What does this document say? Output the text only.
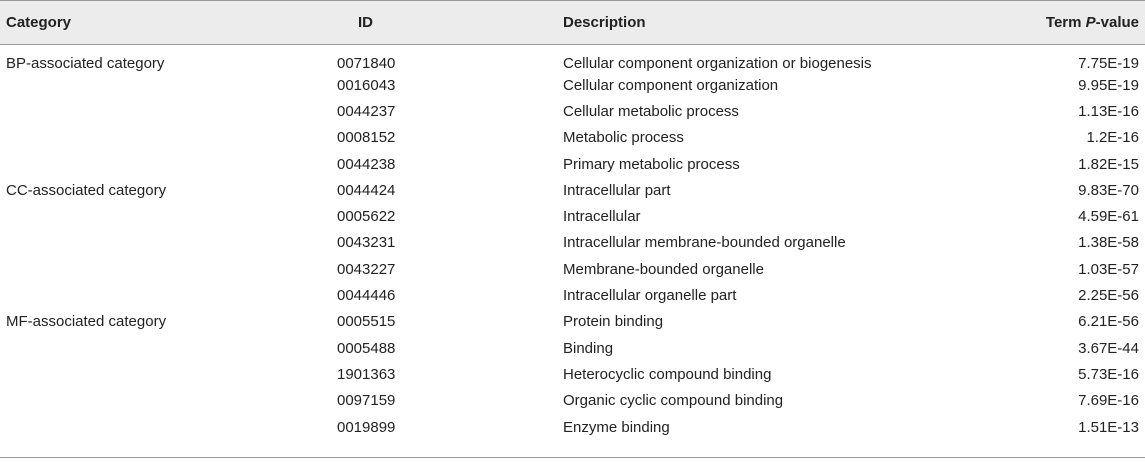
Category	ID	Description	Term P-value
BP-associated category	0071840	Cellular component organization or biogenesis	7.75E-19
	0016043	Cellular component organization	9.95E-19
	0044237	Cellular metabolic process	1.13E-16
	0008152	Metabolic process	1.2E-16
	0044238	Primary metabolic process	1.82E-15
CC-associated category	0044424	Intracellular part	9.83E-70
	0005622	Intracellular	4.59E-61
	0043231	Intracellular membrane-bounded organelle	1.38E-58
	0043227	Membrane-bounded organelle	1.03E-57
	0044446	Intracellular organelle part	2.25E-56
MF-associated category	0005515	Protein binding	6.21E-56
	0005488	Binding	3.67E-44
	1901363	Heterocyclic compound binding	5.73E-16
	0097159	Organic cyclic compound binding	7.69E-16
	0019899	Enzyme binding	1.51E-13
